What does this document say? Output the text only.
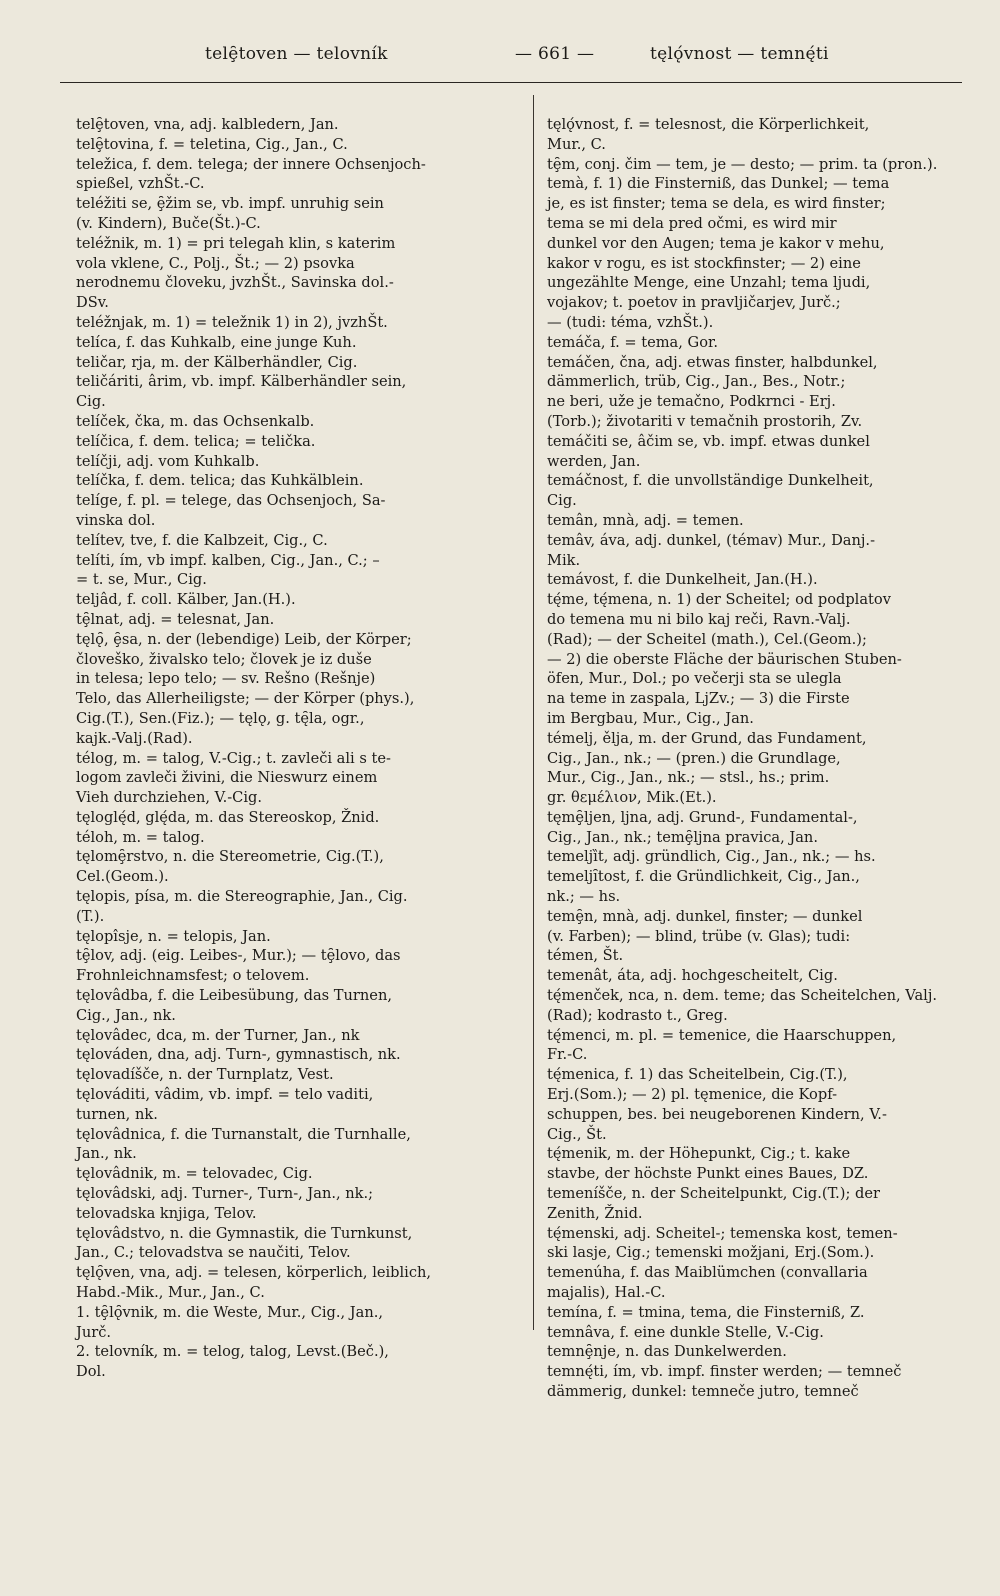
telȩ̑toven — telovník	— 661 —	tęlǫ́vnost — temnę́ti
telȩ̑toven, vna, adj. kalbledern, Jan.
telȩ̑tovina, f. = teletina, Cig., Jan., C.
teležica, f. dem. telega; der innere Ochsenjoch-
spießel, vzhŠt.-C.
teléžiti se, ȩ̑žim se, vb. impf. unruhig sein
(v. Kindern), Buče(Št.)-C.
teléžnik, m. 1) = pri telegah klin, s katerim
vola vklene, C., Polj., Št.; — 2) psovka
nerodnemu človeku, jvzhŠt., Savinska dol.-
DSv.
teléžnjak, m. 1) = teležnik 1) in 2), jvzhŠt.
telíca, f. das Kuhkalb, eine junge Kuh.
teličar, rja, m. der Kälberhändler, Cig.
teličáriti, ârim, vb. impf. Kälberhändler sein,
Cig.
telíček, čka, m. das Ochsenkalb.
telíčica, f. dem. telica; = telička.
telíčji, adj. vom Kuhkalb.
telíčka, f. dem. telica; das Kuhkälblein.
telíge, f. pl. = telege, das Ochsenjoch, Sa-
vinska dol.
telítev, tve, f. die Kalbzeit, Cig., C.
telíti, ím, vb impf. kalben, Cig., Jan., C.; –
= t. se, Mur., Cig.
teljâd, f. coll. Kälber, Jan.(H.).
tȩ̑lnat, adj. = telesnat, Jan.
tęlǫ̑, ȩ̑sa, n. der (lebendige) Leib, der Körper;
človeško, živalsko telo; človek je iz duše
in telesa; lepo telo; — sv. Rešno (Rešnje)
Telo, das Allerheiligste; — der Körper (phys.),
Cig.(T.), Sen.(Fiz.); — tęlǫ, g. tę̑la, ogr.,
kajk.-Valj.(Rad).
télog, m. = talog, V.-Cig.; t. zavleči ali s te-
logom zavleči živini, die Nieswurz einem
Vieh durchziehen, V.-Cig.
tęloglę́d, glę́da, m. das Stereoskop, Žnid.
téloh, m. = talog.
tęlomȩ̑rstvo, n. die Stereometrie, Cig.(T.),
Cel.(Geom.).
tęlopis, písa, m. die Stereographie, Jan., Cig.
(T.).
tęlopîsje, n. = telopis, Jan.
tȩ̑lov, adj. (eig. Leibes-, Mur.); — tȩ̑lovo, das
Frohnleichnamsfest; o telovem.
tęlovâdba, f. die Leibesübung, das Turnen,
Cig., Jan., nk.
tęlovâdec, dca, m. der Turner, Jan., nk
tęlováden, dna, adj. Turn-, gymnastisch, nk.
tęlovadíšče, n. der Turnplatz, Vest.
tęlováditi, vâdim, vb. impf. = telo vaditi,
turnen, nk.
tęlovâdnica, f. die Turnanstalt, die Turnhalle,
Jan., nk.
tęlovâdnik, m. = telovadec, Cig.
tęlovâdski, adj. Turner-, Turn-, Jan., nk.;
telovadska knjiga, Telov.
tęlovâdstvo, n. die Gymnastik, die Turnkunst,
Jan., C.; telovadstva se naučiti, Telov.
tęlǫ̑ven, vna, adj. = telesen, körperlich, leiblich,
Habd.-Mik., Mur., Jan., C.
1. tȩ̑lǫ̑vnik, m. die Weste, Mur., Cig., Jan.,
Jurč.
2. telovník, m. = telog, talog, Levst.(Beč.),
Dol.
tęlǫ́vnost, f. = telesnost, die Körperlichkeit,
Mur., C.
tȩ̑m, conj. čim — tem, je — desto; — prim. ta (pron.).
temà, f. 1) die Finsterniß, das Dunkel; — tema
je, es ist finster; tema se dela, es wird finster;
tema se mi dela pred očmi, es wird mir
dunkel vor den Augen; tema je kakor v mehu,
kakor v rogu, es ist stockfinster; — 2) eine
ungezählte Menge, eine Unzahl; tema ljudi,
vojakov; t. poetov in pravljičarjev, Jurč.;
— (tudi: téma, vzhŠt.).
temáča, f. = tema, Gor.
temáčen, čna, adj. etwas finster, halbdunkel,
dämmerlich, trüb, Cig., Jan., Bes., Notr.;
ne beri, uže je temačno, Podkrnci - Erj.
(Torb.); životariti v temačnih prostorih, Zv.
temáčiti se, âčim se, vb. impf. etwas dunkel
werden, Jan.
temáčnost, f. die unvollständige Dunkelheit,
Cig.
temân, mnà, adj. = temen.
temâv, áva, adj. dunkel, (témav) Mur., Danj.-
Mik.
temávost, f. die Dunkelheit, Jan.(H.).
tę́me, tę́mena, n. 1) der Scheitel; od podplatov
do temena mu ni bilo kaj reči, Ravn.-Valj.
(Rad); — der Scheitel (math.), Cel.(Geom.);
— 2) die oberste Fläche der bäurischen Stuben-
öfen, Mur., Dol.; po večerji sta se ulegla
na teme in zaspala, LjZv.; — 3) die Firste
im Bergbau, Mur., Cig., Jan.
témelj, ělja, m. der Grund, das Fundament,
Cig., Jan., nk.; — (pren.) die Grundlage,
Mur., Cig., Jan., nk.; — stsl., hs.; prim.
gr. θεμέλιον, Mik.(Et.).
tęmȩ̑ljen, ljna, adj. Grund-, Fundamental-,
Cig., Jan., nk.; temȩ̑ljna pravica, Jan.
temeljȉt, adj. gründlich, Cig., Jan., nk.; — hs.
temeljȋtost, f. die Gründlichkeit, Cig., Jan.,
nk.; — hs.
temȩ̑n, mnà, adj. dunkel, finster; — dunkel
(v. Farben); — blind, trübe (v. Glas); tudi:
témen, Št.
temenât, áta, adj. hochgescheitelt, Cig.
tę́menček, nca, n. dem. teme; das Scheitelchen, Valj.
(Rad); kodrasto t., Greg.
tę́menci, m. pl. = temenice, die Haarschuppen,
Fr.-C.
tę́menica, f. 1) das Scheitelbein, Cig.(T.),
Erj.(Som.); — 2) pl. tęmenice, die Kopf-
schuppen, bes. bei neugeborenen Kindern, V.-
Cig., Št.
tę́menik, m. der Höhepunkt, Cig.; t. kake
stavbe, der höchste Punkt eines Baues, DZ.
temeníšče, n. der Scheitelpunkt, Cig.(T.); der
Zenith, Žnid.
tę́menski, adj. Scheitel-; temenska kost, temen-
ski lasje, Cig.; temenski možjani, Erj.(Som.).
temenúha, f. das Maiblümchen (convallaria
majalis), Hal.-C.
temína, f. = tmina, tema, die Finsterniß, Z.
temnâva, f. eine dunkle Stelle, V.-Cig.
temnȩ̑nje, n. das Dunkelwerden.
temnę́ti, ím, vb. impf. finster werden; — temneč
dämmerig, dunkel: temneče jutro, temneč
